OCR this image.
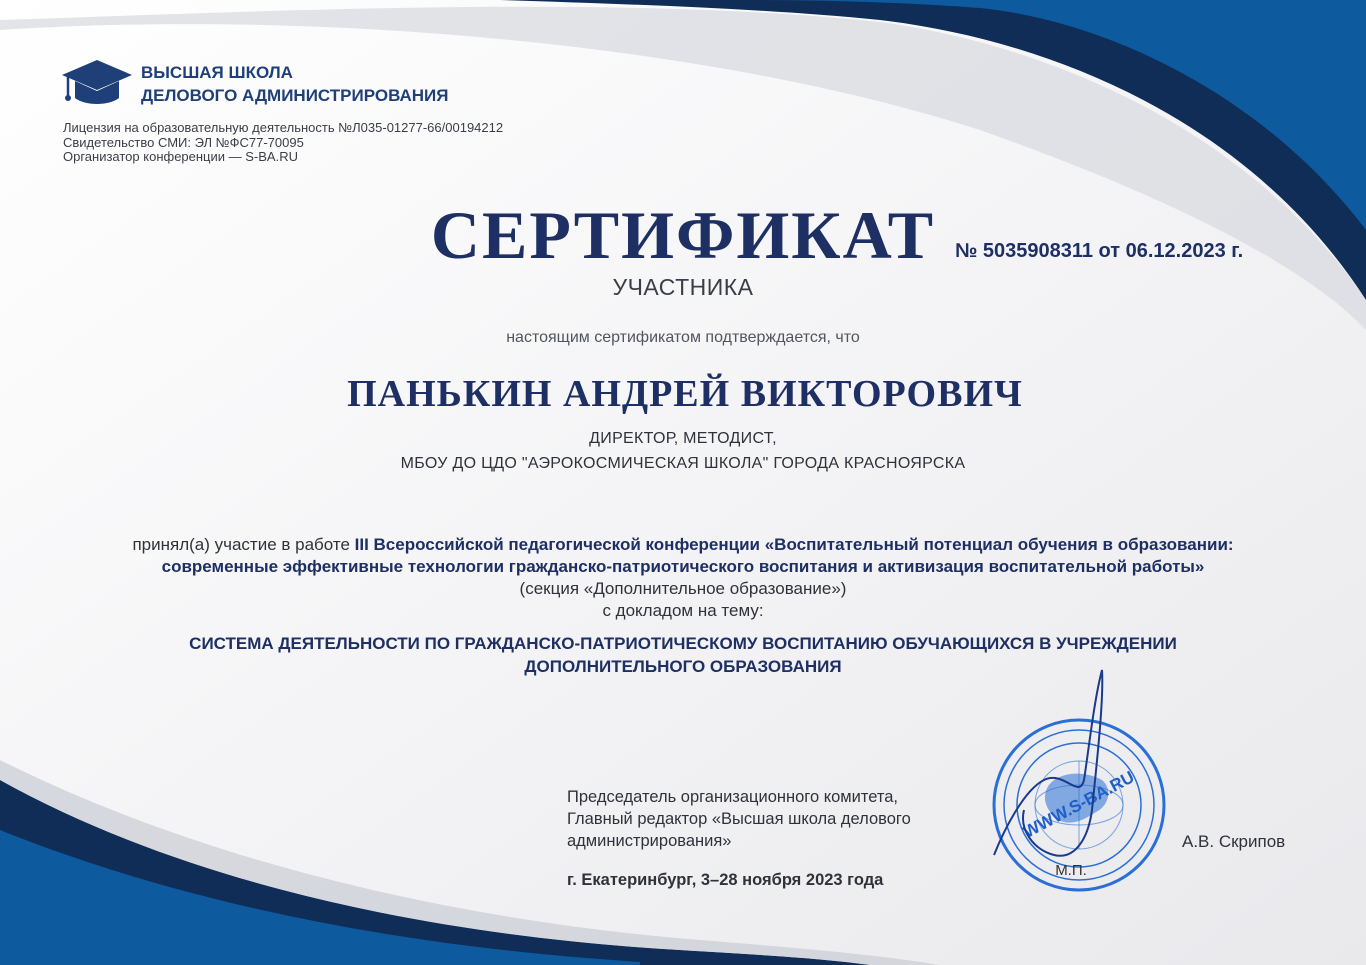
ВЫСШАЯ ШКОЛА
ДЕЛОВОГО АДМИНИСТРИРОВАНИЯ
Лицензия на образовательную деятельность №Л035-01277-66/00194212
Свидетельство СМИ: ЭЛ №ФС77-70095
Организатор конференции — S-BA.RU
СЕРТИФИКАТ № 5035908311 от 06.12.2023 г.
УЧАСТНИКА
настоящим сертификатом подтверждается, что
ПАНЬКИН АНДРЕЙ ВИКТОРОВИЧ
ДИРЕКТОР, МЕТОДИСТ,
МБОУ ДО ЦДО "АЭРОКОСМИЧЕСКАЯ ШКОЛА" ГОРОДА КРАСНОЯРСКА
принял(а) участие в работе III Всероссийской педагогической конференции «Воспитательный потенциал обучения в образовании:
современные эффективные технологии гражданско-патриотического воспитания и активизация воспитательной работы»
(секция «Дополнительное образование»)
с докладом на тему:
СИСТЕМА ДЕЯТЕЛЬНОСТИ ПО ГРАЖДАНСКО-ПАТРИОТИЧЕСКОМУ ВОСПИТАНИЮ ОБУЧАЮЩИХСЯ В УЧРЕЖДЕНИИ
ДОПОЛНИТЕЛЬНОГО ОБРАЗОВАНИЯ
Председатель организационного комитета,
Главный редактор «Высшая школа делового
администрирования»
г. Екатеринбург, 3–28 ноября 2023 года
WWW.S-BA.RU
М.П.
А.В. Скрипов
